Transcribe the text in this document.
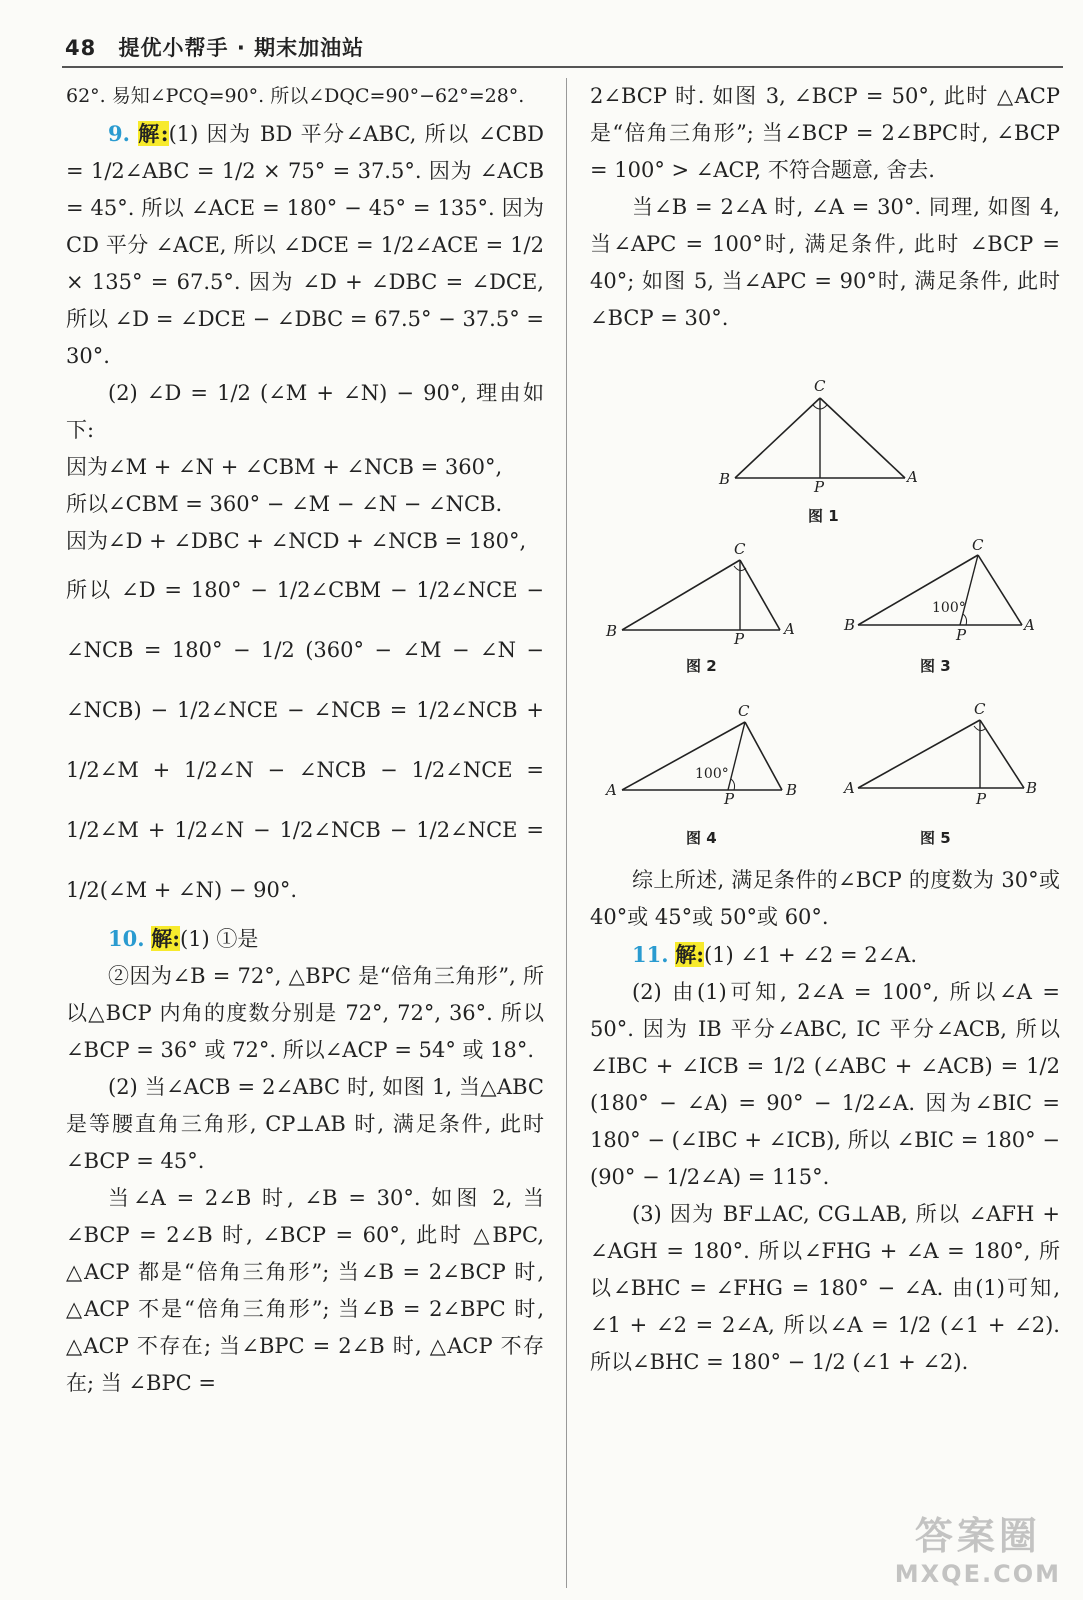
48 提优小帮手 · 期末加油站

62°. 易知∠PCQ=90°. 所以∠DQC=90°−62°=28°.

9. 解:(1) 因为 BD 平分∠ABC, 所以 ∠CBD = 1/2∠ABC = 1/2 × 75° = 37.5°. 因为 ∠ACB = 45°. 所以 ∠ACE = 180° − 45° = 135°. 因为 CD 平分 ∠ACE, 所以 ∠DCE = 1/2∠ACE = 1/2 × 135° = 67.5°. 因为 ∠D + ∠DBC = ∠DCE, 所以 ∠D = ∠DCE − ∠DBC = 67.5° − 37.5° = 30°.

(2) ∠D = 1/2 (∠M + ∠N) − 90°, 理由如下:

因为∠M + ∠N + ∠CBM + ∠NCB = 360°,

所以∠CBM = 360° − ∠M − ∠N − ∠NCB.

因为∠D + ∠DBC + ∠NCD + ∠NCB = 180°,

所以 ∠D = 180° − 1/2∠CBM − 1/2∠NCE − ∠NCB = 180° − 1/2 (360° − ∠M − ∠N − ∠NCB) − 1/2∠NCE − ∠NCB = 1/2∠NCB + 1/2∠M + 1/2∠N − ∠NCB − 1/2∠NCE = 1/2∠M + 1/2∠N − 1/2∠NCB − 1/2∠NCE = 1/2(∠M + ∠N) − 90°.

10. 解:(1) ①是

②因为∠B = 72°, △BPC 是“倍角三角形”, 所以△BCP 内角的度数分别是 72°, 72°, 36°. 所以∠BCP = 36° 或 72°. 所以∠ACP = 54° 或 18°.

(2) 当∠ACB = 2∠ABC 时, 如图 1, 当△ABC 是等腰直角三角形, CP⊥AB 时, 满足条件, 此时∠BCP = 45°.

当∠A = 2∠B 时, ∠B = 30°. 如图 2, 当 ∠BCP = 2∠B 时, ∠BCP = 60°, 此时 △BPC, △ACP 都是“倍角三角形”; 当∠B = 2∠BCP 时, △ACP 不是“倍角三角形”; 当∠B = 2∠BPC 时, △ACP 不存在; 当∠BPC = 2∠B 时, △ACP 不存在; 当 ∠BPC =

2∠BCP 时. 如图 3, ∠BCP = 50°, 此时 △ACP 是“倍角三角形”; 当∠BCP = 2∠BPC时, ∠BCP = 100° > ∠ACP, 不符合题意, 舍去.

当∠B = 2∠A 时, ∠A = 30°. 同理, 如图 4, 当∠APC = 100°时, 满足条件, 此时 ∠BCP = 40°; 如图 5, 当∠APC = 90°时, 满足条件, 此时∠BCP = 30°.

C
B	P
A
图 1
C
B	P
A
图 2
100°
C
B
P
A
图 3
100°
C
A	P	B
图 4
C
A
P
B
图 5

综上所述, 满足条件的∠BCP 的度数为 30°或 40°或 45°或 50°或 60°.

11. 解:(1) ∠1 + ∠2 = 2∠A.

(2) 由(1)可知, 2∠A = 100°, 所以∠A = 50°. 因为 IB 平分∠ABC, IC 平分∠ACB, 所以∠IBC + ∠ICB = 1/2 (∠ABC + ∠ACB) = 1/2 (180° − ∠A) = 90° − 1/2∠A. 因为∠BIC = 180° − (∠IBC + ∠ICB), 所以 ∠BIC = 180° − (90° − 1/2∠A) = 115°.

(3) 因为 BF⊥AC, CG⊥AB, 所以 ∠AFH + ∠AGH = 180°. 所以∠FHG + ∠A = 180°, 所以∠BHC = ∠FHG = 180° − ∠A. 由(1)可知, ∠1 + ∠2 = 2∠A, 所以∠A = 1/2 (∠1 + ∠2). 所以∠BHC = 180° − 1/2 (∠1 + ∠2).

答案圈
MXQE.COM
